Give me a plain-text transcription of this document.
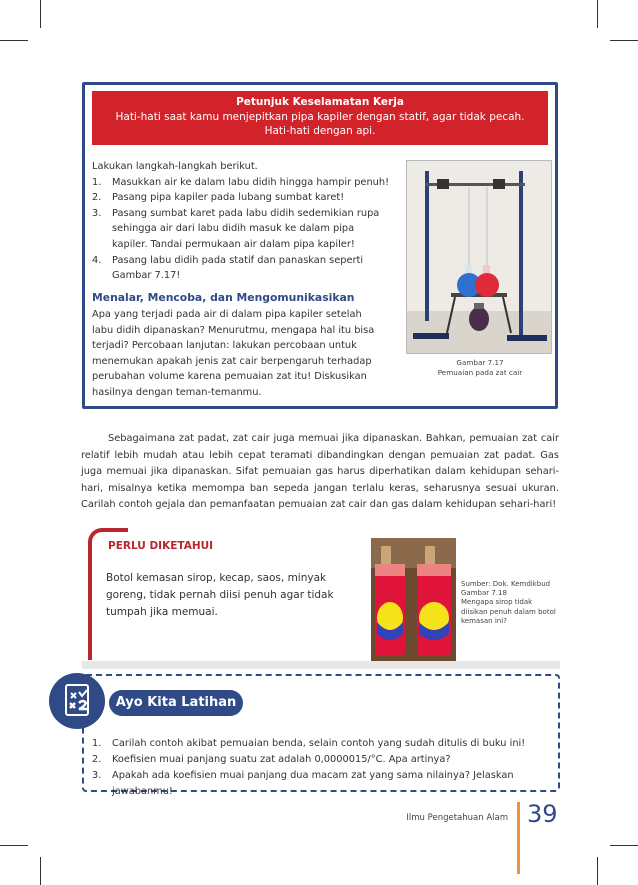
Petunjuk Keselamatan Kerja
Hati-hati saat kamu menjepitkan pipa kapiler dengan statif, agar tidak pecah.
Hati-hati dengan api.
Lakukan langkah-langkah berikut.
1. Masukkan air ke dalam labu didih hingga hampir penuh!
2. Pasang pipa kapiler pada lubang sumbat karet!
3. Pasang sumbat karet pada labu didih sedemikian rupa sehingga air dari labu didih masuk ke dalam pipa kapiler. Tandai permukaan air dalam pipa kapiler!
4. Pasang labu didih pada statif dan panaskan seperti Gambar 7.17!
Menalar, Mencoba, dan Mengomunikasikan
Apa yang terjadi pada air di dalam pipa kapiler setelah labu didih dipanaskan? Menurutmu, mengapa hal itu bisa terjadi? Percobaan lanjutan: lakukan percobaan untuk menemukan apakah jenis zat cair berpengaruh terhadap perubahan volume karena pemuaian zat itu! Diskusikan hasilnya dengan teman-temanmu.
Gambar 7.17
Pemuaian pada zat cair
Sebagaimana zat padat, zat cair juga memuai jika dipanaskan. Bahkan, pemuaian zat cair relatif lebih mudah atau lebih cepat teramati dibandingkan dengan pemuaian zat padat. Gas juga memuai jika dipanaskan. Sifat pemuaian gas harus diperhatikan dalam kehidupan sehari-hari, misalnya ketika memompa ban sepeda jangan terlalu keras, seharusnya sesuai ukuran. Carilah contoh gejala dan pemanfaatan pemuaian zat cair dan gas dalam kehidupan sehari-hari!
PERLU DIKETAHUI
Botol kemasan sirop, kecap, saos, minyak goreng, tidak pernah diisi penuh agar tidak tumpah jika memuai.
Sumber: Dok. Kemdikbud
Gambar 7.18
Mengapa sirop tidak diisikan penuh dalam botol kemasan ini?
Ayo Kita Latihan
1. Carilah contoh akibat pemuaian benda, selain contoh yang sudah ditulis di buku ini!
2. Koefisien muai panjang suatu zat adalah 0,0000015/°C. Apa artinya?
3. Apakah ada koefisien muai panjang dua macam zat yang sama nilainya? Jelaskan jawabanmu!
Ilmu Pengetahuan Alam 39
